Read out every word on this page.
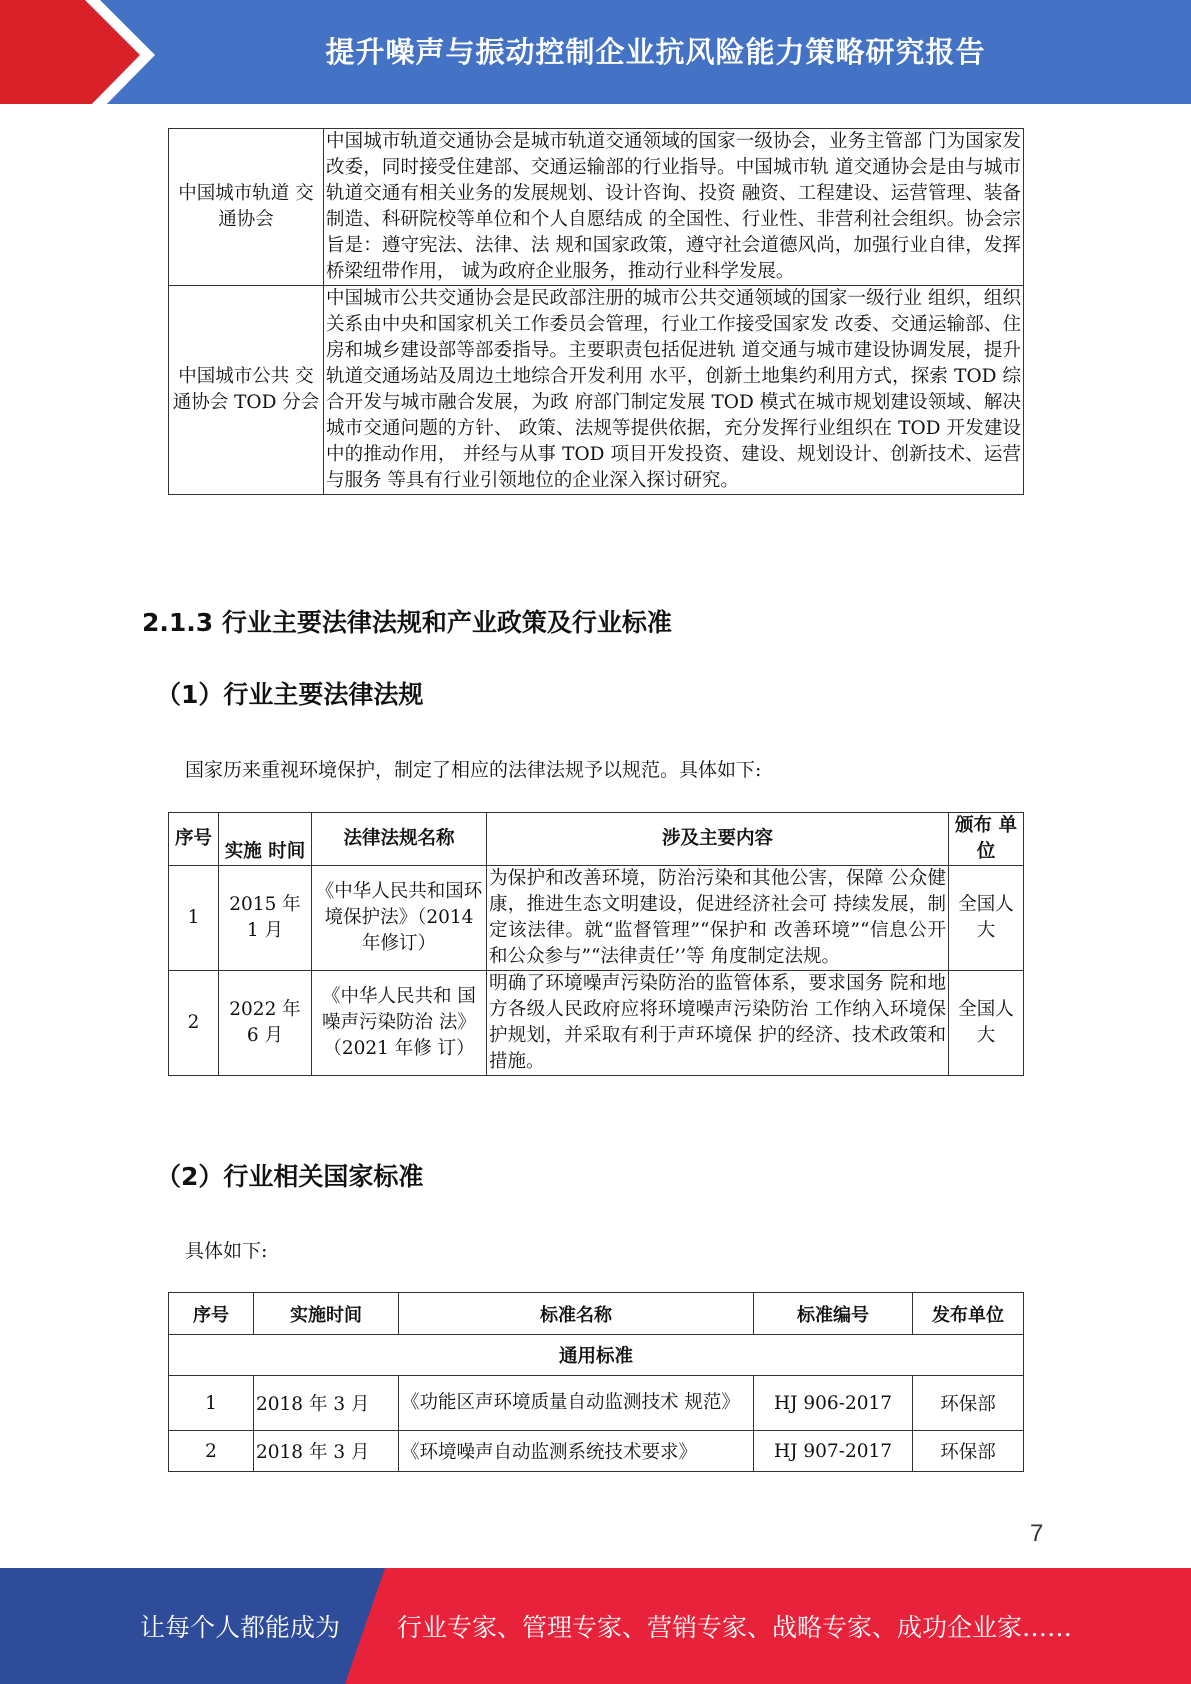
提升噪声与振动控制企业抗风险能力策略研究报告
中国城市轨道 交通协会	中国城市轨道交通协会是城市轨道交通领域的国家一级协会，业务主管部 门为国家发改委，同时接受住建部、交通运输部的行业指导。中国城市轨 道交通协会是由与城市轨道交通有相关业务的发展规划、设计咨询、投资 融资、工程建设、运营管理、装备制造、科研院校等单位和个人自愿结成 的全国性、行业性、非营利社会组织。协会宗旨是：遵守宪法、法律、法 规和国家政策，遵守社会道德风尚，加强行业自律，发挥桥梁纽带作用， 诚为政府企业服务，推动行业科学发展。
中国城市公共 交通协会 TOD 分会	中国城市公共交通协会是民政部注册的城市公共交通领域的国家一级行业 组织，组织关系由中央和国家机关工作委员会管理，行业工作接受国家发 改委、交通运输部、住房和城乡建设部等部委指导。主要职责包括促进轨 道交通与城市建设协调发展，提升轨道交通场站及周边土地综合开发利用 水平，创新土地集约利用方式，探索 TOD 综合开发与城市融合发展，为政 府部门制定发展 TOD 模式在城市规划建设领域、解决城市交通问题的方针、 政策、法规等提供依据，充分发挥行业组织在 TOD 开发建设中的推动作用， 并经与从事 TOD 项目开发投资、建设、规划设计、创新技术、运营与服务 等具有行业引领地位的企业深入探讨研究。
2.1.3 行业主要法律法规和产业政策及行业标准
（1）行业主要法律法规
国家历来重视环境保护，制定了相应的法律法规予以规范。具体如下:
序号	实施 时间	法律法规名称	涉及主要内容	颁布 单位
1	2015 年 1 月	《中华人民共和国环境保护法》（2014 年修订）	为保护和改善环境，防治污染和其他公害，保障 公众健康，推进生态文明建设，促进经济社会可 持续发展，制定该法律。就“监督管理”“保护和 改善环境”“信息公开和公众参与”“法律责任’’等 角度制定法规。	全国人大
2	2022 年 6 月	《中华人民共和 国噪声污染防治 法》（2021 年修 订）	明确了环境噪声污染防治的监管体系，要求国务 院和地方各级人民政府应将环境噪声污染防治 工作纳入环境保护规划，并采取有利于声环境保 护的经济、技术政策和措施。	全国人大
（2）行业相关国家标准
具体如下:
序号	实施时间	标准名称	标准编号	发布单位
通用标准				
1	2018 年 3 月	《功能区声环境质量自动监测技术 规范》	HJ 906-2017	环保部
2	2018 年 3 月	《环境噪声自动监测系统技术要求》	HJ 907-2017	环保部
7
让每个人都能成为 行业专家、管理专家、营销专家、战略专家、成功企业家……
